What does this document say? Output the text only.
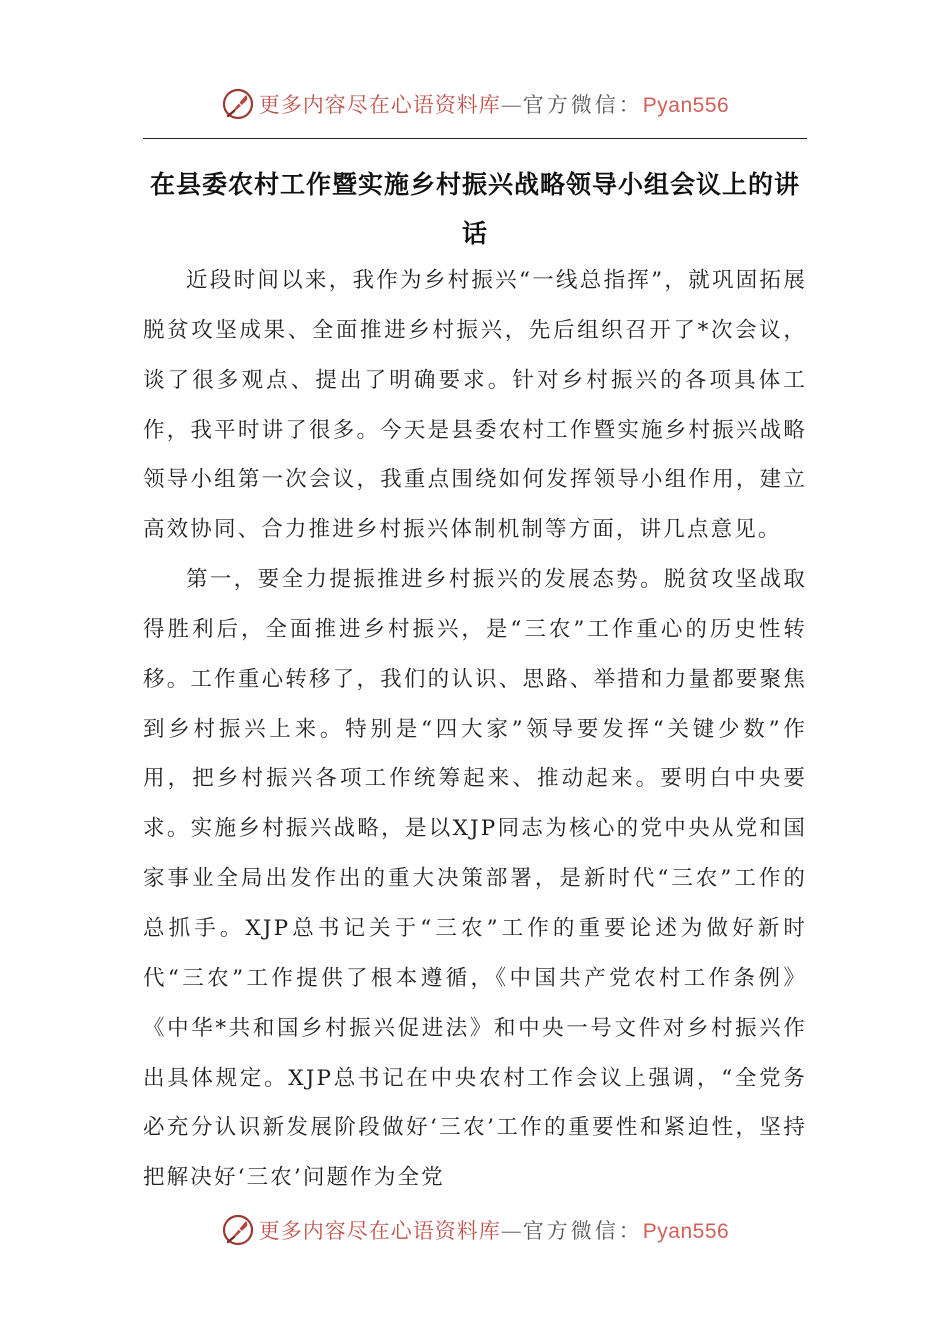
更多内容尽在心语资料库—官方微信：Pyan556
在县委农村工作暨实施乡村振兴战略领导小组会议上的讲话

近段时间以来，我作为乡村振兴“一线总指挥”，就巩固拓展脱贫攻坚成果、全面推进乡村振兴，先后组织召开了*次会议，谈了很多观点、提出了明确要求。针对乡村振兴的各项具体工作，我平时讲了很多。今天是县委农村工作暨实施乡村振兴战略领导小组第一次会议，我重点围绕如何发挥领导小组作用，建立高效协同、合力推进乡村振兴体制机制等方面，讲几点意见。

第一，要全力提振推进乡村振兴的发展态势。脱贫攻坚战取得胜利后，全面推进乡村振兴，是“三农”工作重心的历史性转移。工作重心转移了，我们的认识、思路、举措和力量都要聚焦到乡村振兴上来。特别是“四大家”领导要发挥“关键少数”作用，把乡村振兴各项工作统筹起来、推动起来。要明白中央要求。实施乡村振兴战略，是以XJP同志为核心的党中央从党和国家事业全局出发作出的重大决策部署，是新时代“三农”工作的总抓手。XJP总书记关于“三农”工作的重要论述为做好新时代“三农”工作提供了根本遵循，《中国共产党农村工作条例》《中华*共和国乡村振兴促进法》和中央一号文件对乡村振兴作出具体规定。XJP总书记在中央农村工作会议上强调，“全党务必充分认识新发展阶段做好‘三农’工作的重要性和紧迫性，坚持把解决好‘三农’问题作为全党

更多内容尽在心语资料库—官方微信：Pyan556
